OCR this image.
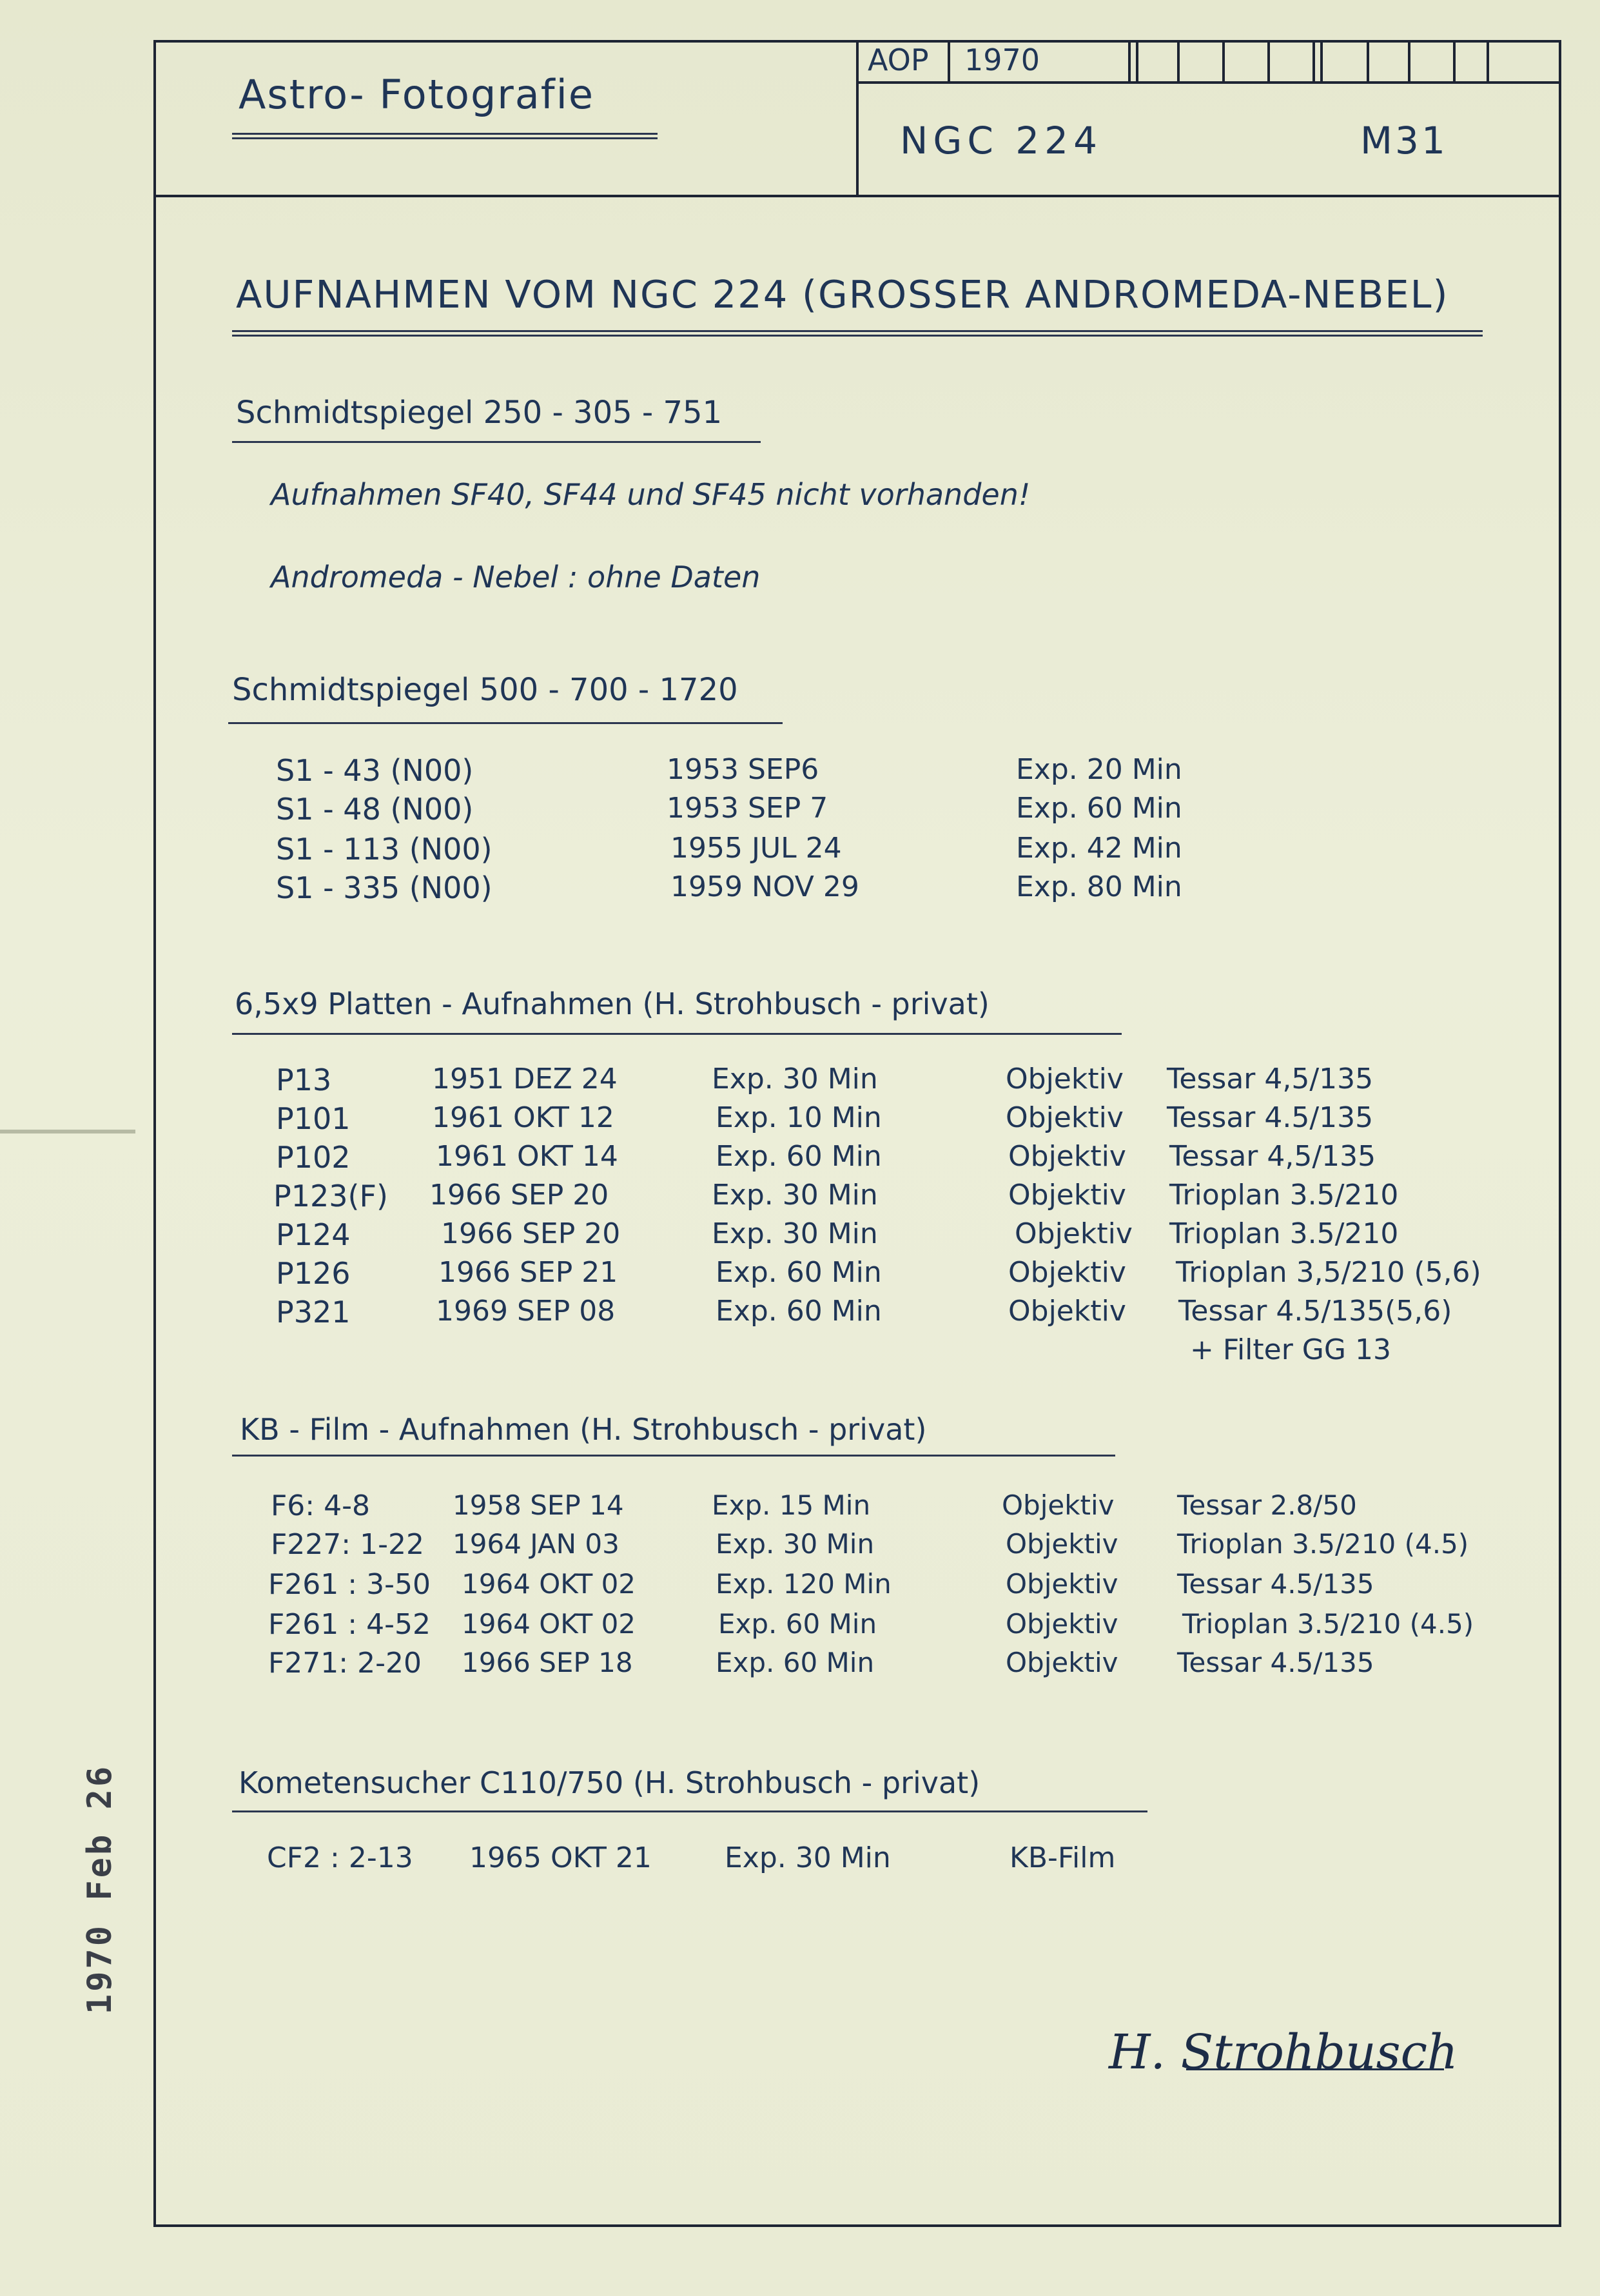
Astro- Fotografie
AOP 1970
NGC 224	M31
AUFNAHMEN VOM NGC 224 (GROSSER ANDROMEDA-NEBEL)
Schmidtspiegel 250 - 305 - 751
Aufnahmen SF40, SF44 und SF45 nicht vorhanden!
Andromeda - Nebel : ohne Daten
Schmidtspiegel 500 - 700 - 1720
S1 - 43 (N00)	1953 SEP6	Exp. 20 Min
S1 - 48 (N00)	1953 SEP 7	Exp. 60 Min
S1 - 113 (N00)	1955 JUL 24	Exp. 42 Min
S1 - 335 (N00)	1959 NOV 29	Exp. 80 Min
6,5x9 Platten - Aufnahmen (H. Strohbusch - privat)
P13	1951 DEZ 24	Exp. 30 Min	Objektiv Tessar 4,5/135
P101	1961 OKT 12	Exp. 10 Min	Objektiv Tessar 4.5/135
P102	1961 OKT 14	Exp. 60 Min	Objektiv Tessar 4,5/135
P123(F) 1966 SEP 20	Exp. 30 Min	Objektiv Trioplan 3.5/210
P124	1966 SEP 20	Exp. 30 Min	Objektiv Trioplan 3.5/210
P126	1966 SEP 21	Exp. 60 Min	Objektiv Trioplan 3,5/210 (5,6)
P321	1969 SEP 08	Exp. 60 Min	Objektiv Tessar 4.5/135(5,6)
+ Filter GG 13
KB - Film - Aufnahmen (H. Strohbusch - privat)
F6: 4-8	1958 SEP 14	Exp. 15 Min	Objektiv Tessar 2.8/50
F227: 1-22 1964 JAN 03	Exp. 30 Min	Objektiv Trioplan 3.5/210 (4.5)
F261 : 3-50 1964 OKT 02	Exp. 120 Min	Objektiv Tessar 4.5/135
F261 : 4-52 1964 OKT 02	Exp. 60 Min	Objektiv Trioplan 3.5/210 (4.5)
F271: 2-20 1966 SEP 18	Exp. 60 Min	Objektiv Tessar 4.5/135
Kometensucher C110/750 (H. Strohbusch - privat)
CF2 : 2-13 1965 OKT 21	Exp. 30 Min	KB-Film
1970 Feb 26
H. Strohbusch
